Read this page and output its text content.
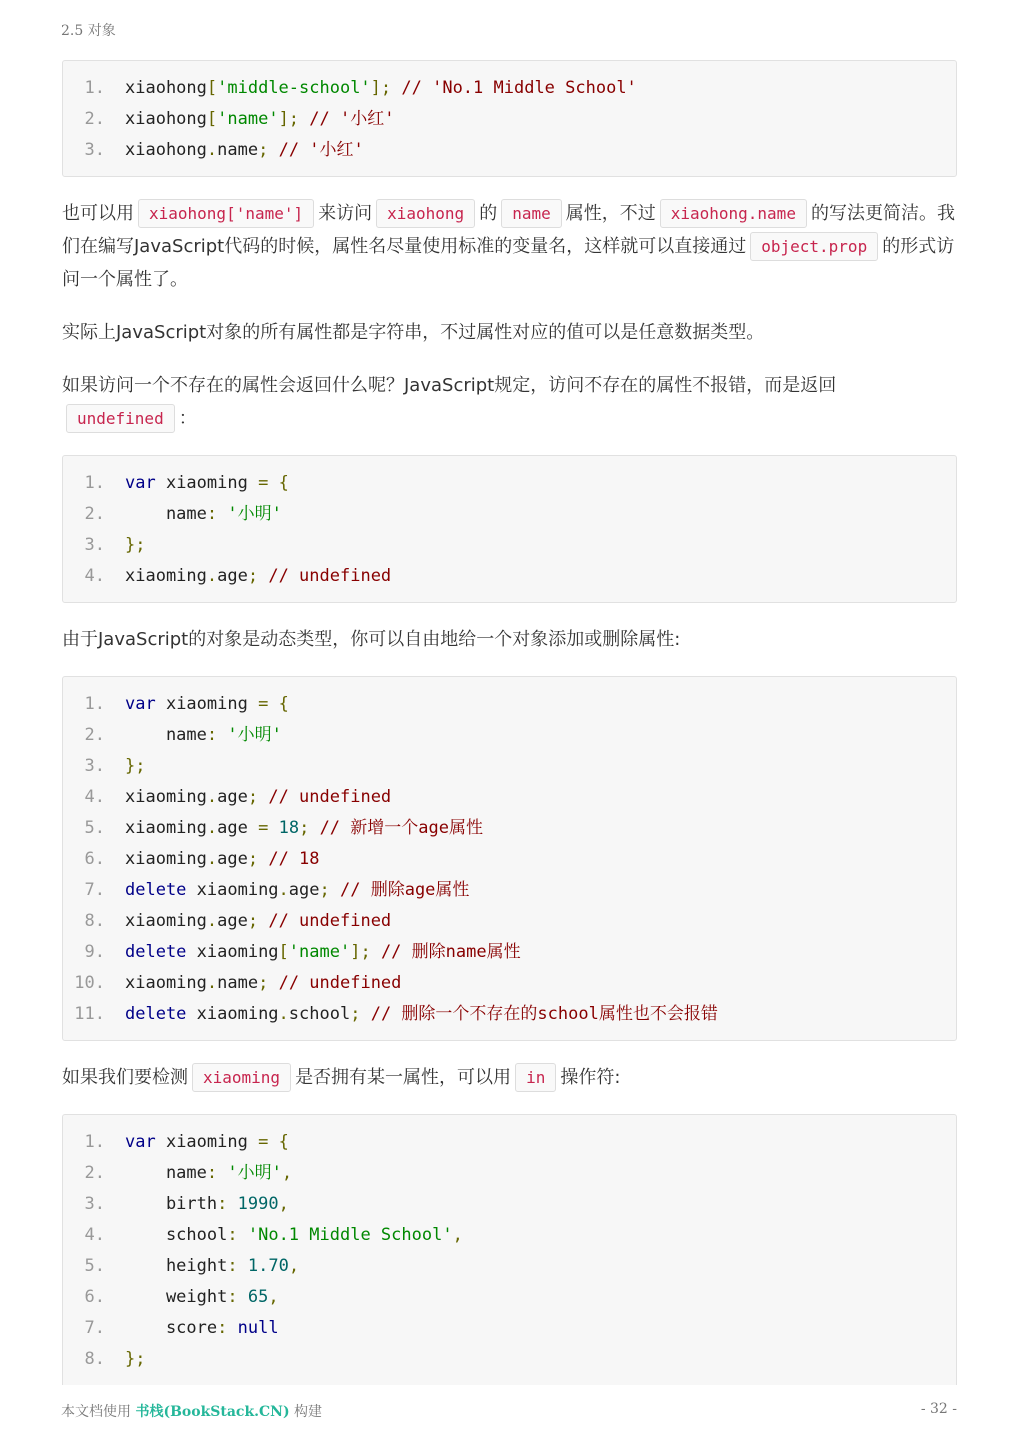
2.5 对象
1. xiaohong['middle-school']; // 'No.1 Middle School'
2. xiaohong['name']; // '小红'
3. xiaohong.name; // '小红'

也可以用 xiaohong['name'] 来访问 xiaohong 的 name 属性，不过 xiaohong.name 的写法更简洁。我们在编写JavaScript代码的时候，属性名尽量使用标准的变量名，这样就可以直接通过 object.prop 的形式访问一个属性了。

实际上JavaScript对象的所有属性都是字符串，不过属性对应的值可以是任意数据类型。

如果访问一个不存在的属性会返回什么呢？JavaScript规定，访问不存在的属性不报错，而是返回undefined ：

1. var xiaoming = {
2.    name: '小明'
3. };
4. xiaoming.age; // undefined

由于JavaScript的对象是动态类型，你可以自由地给一个对象添加或删除属性:

1. var xiaoming = {
2.    name: '小明'
3. };
4. xiaoming.age; // undefined
5. xiaoming.age = 18; // 新增一个age属性
6. xiaoming.age; // 18
7. delete xiaoming.age; // 删除age属性
8. xiaoming.age; // undefined
9. delete xiaoming['name']; // 删除name属性
10. xiaoming.name; // undefined
11. delete xiaoming.school; // 删除一个不存在的school属性也不会报错

如果我们要检测 xiaoming 是否拥有某一属性，可以用 in 操作符:

1. var xiaoming = {
2.    name: '小明',
3.    birth: 1990,
4.    school: 'No.1 Middle School',
5.    height: 1.70,
6.    weight: 65,
7.    score: null
8. };
本文档使用 书栈(BookStack.CN) 构建	- 32 -
